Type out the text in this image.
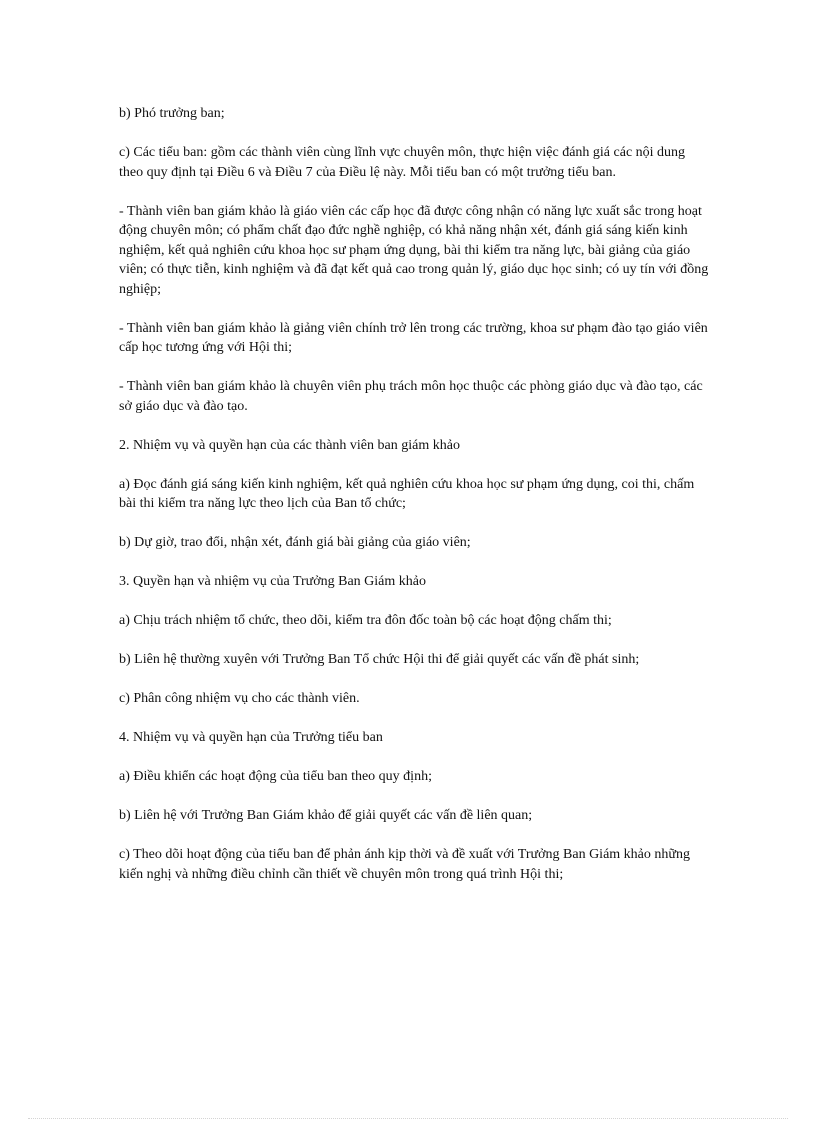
b) Phó trưởng ban;

c) Các tiểu ban: gồm các thành viên cùng lĩnh vực chuyên môn, thực hiện việc đánh giá các nội dung theo quy định tại Điều 6 và Điều 7 của Điều lệ này. Mỗi tiểu ban có một trưởng tiểu ban.

- Thành viên ban giám khảo là giáo viên các cấp học đã được công nhận có năng lực xuất sắc trong hoạt động chuyên môn; có phẩm chất đạo đức nghề nghiệp, có khả năng nhận xét, đánh giá sáng kiến kinh nghiệm, kết quả nghiên cứu khoa học sư phạm ứng dụng, bài thi kiểm tra năng lực, bài giảng của giáo viên; có thực tiễn, kinh nghiệm và đã đạt kết quả cao trong quản lý, giáo dục học sinh; có uy tín với đồng nghiệp;

- Thành viên ban giám khảo là giảng viên chính trở lên trong các trường, khoa sư phạm đào tạo giáo viên cấp học tương ứng với Hội thi;

- Thành viên ban giám khảo là chuyên viên phụ trách môn học thuộc các phòng giáo dục và đào tạo, các sở giáo dục và đào tạo.

2. Nhiệm vụ và quyền hạn của các thành viên ban giám khảo

a) Đọc đánh giá sáng kiến kinh nghiệm, kết quả nghiên cứu khoa học sư phạm ứng dụng, coi thi, chấm bài thi kiểm tra năng lực theo lịch của Ban tổ chức;

b) Dự giờ, trao đổi, nhận xét, đánh giá bài giảng của giáo viên;

3. Quyền hạn và nhiệm vụ của Trưởng Ban Giám khảo

a) Chịu trách nhiệm tổ chức, theo dõi, kiểm tra đôn đốc toàn bộ các hoạt động chấm thi;

b) Liên hệ thường xuyên với Trưởng Ban Tổ chức Hội thi để giải quyết các vấn đề phát sinh;

c) Phân công nhiệm vụ cho các thành viên.

4. Nhiệm vụ và quyền hạn của Trưởng tiểu ban

a) Điều khiển các hoạt động của tiểu ban theo quy định;

b) Liên hệ với Trưởng Ban Giám khảo để giải quyết các vấn đề liên quan;

c) Theo dõi hoạt động của tiểu ban để phản ánh kịp thời và đề xuất với Trưởng Ban Giám khảo những kiến nghị và những điều chỉnh cần thiết về chuyên môn trong quá trình Hội thi;
